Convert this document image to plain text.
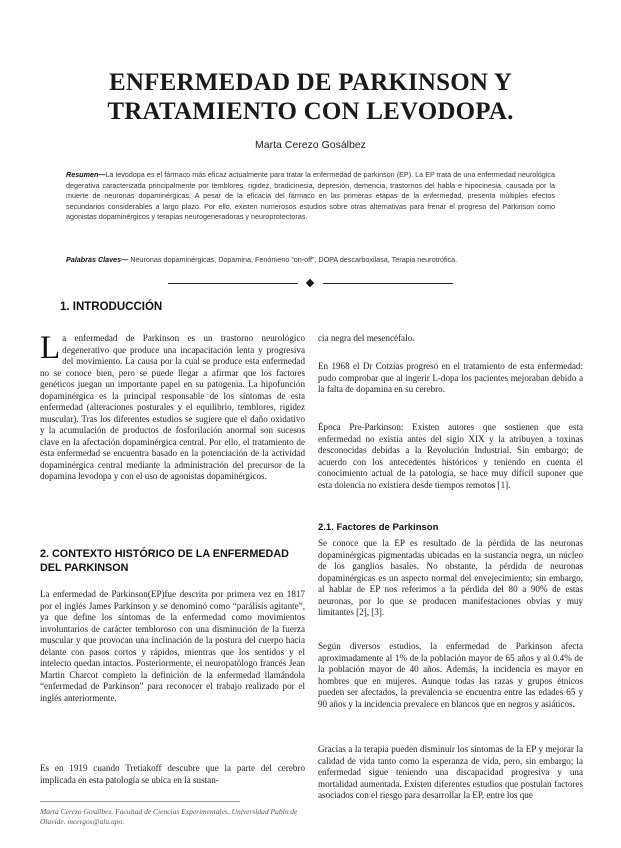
ENFERMEDAD DE PARKINSON Y
TRATAMIENTO CON LEVODOPA.
Marta Cerezo Gosálbez

Resumen—La levodopa es el fármaco más eficaz actualmente para tratar la enfermedad de parkinson (EP). La EP trata de una enfermedad neurológica degerativa caracterizada principalmente por temblores, rigidez, bradicinesia, depresión, demencia, trastornos del habla e hipocinesia, causada por la muerte de neuronas dopaminérgicas. A pesar de la eficacia del fármaco en las primeras etapas de la enfermedad, presenta múltiples efectos secundarios considerables a largo plazo. Por ello, existen numerosos estudios sobre otras alternativas para frenar el progreso del Parkinson como agonistas dopaminérgicos y terapias neurogeneradoras y neuroprotectoras.

Palabras Claves— Neuronas dopaminérgicas, Dopamina, Fenómeno “on-off”, DOPA descarboxilasa, Terapia neurotrófica.

1. INTRODUCCIÓN

La enfermedad de Parkinson es un trastorno neurológico degenerativo que produce una incapacitación lenta y progresiva del movimiento. La causa por la cual se produce esta enfermedad no se conoce bien, pero se puede llegar a afirmar que los factores genéticos juegan un importante papel en su patogenia. La hipofunción dopaminérgica es la principal responsable de los síntomas de esta enfermedad (alteraciones posturales y el equilibrio, temblores, rigidez muscular). Tras los diferentes estudios se sugiere que el daño oxidativo y la acumulación de productos de fosforilación anormal son sucesos clave en la afectación dopaminérgica central. Por ello, el tratamiento de esta enfermedad se encuentra basado en la potenciación de la actividad dopaminérgica central mediante la administración del precursor de la dopamina levodopa y con el uso de agonistas dopaminérgicos.

2. CONTEXTO HISTÓRICO DE LA ENFERMEDAD DEL PARKINSON

La enfermedad de Parkinson(EP)fue descrita por primera vez en 1817 por el inglés James Parkinson y se denominó como “parálisis agitante”, ya que define los síntomas de la enfermedad como movimientos involuntarios de carácter tembloroso con una disminución de la fuerza muscular y que provocan una inclinación de la postura del cuerpo hacia delante con pasos cortos y rápidos, mientras que los sentidos y el intelecto quedan intactos. Posteriormente, el neuropatólogo francés Jean Martin Charcot completo la definición de la enfermedad llamándola “enfermedad de Parkinson” para reconocer el trabajo realizado por el inglés anteriormente.

Es en 1919 cuando Tretiakoff descubre que la parte del cerebro implicada en esta patología se ubica en la sustan-

Marta Cerezo Gosálbez. Facultad de Ciencias Experimentales, Universidad Pablo de Olavide. mcergos@alu.upo.

cia negra del mesencéfalo.

En 1968 el Dr Cotzias progresó en el tratamiento de esta enfermedad: pudo comprobar que al ingerir L-dopa los pacientes mejoraban debido a la falta de dopamina en su cerebro.

Época Pre-Parkinson: Existen autores que sostienen que esta enfermedad no existía antes del siglo XIX y la atribuyen a toxinas desconocidas debidas a la Revolución Industrial. Sin embargo; de acuerdo con los antecedentes históricos y teniendo en cuenta el conocimiento actual de la patología, se hace muy difícil suponer que esta dolencia no existiera desde tiempos remotos [1].

2.1. Factores de Parkinson

Se conoce que la EP es resultado de la pérdida de las neuronas dopaminérgicas pigmentadas ubicadas en la sustancia negra, un núcleo de los ganglios basales. No obstante, la pérdida de neuronas dopaminérgicas es un aspecto normal del envejecimiento; sin embargo, al hablar de EP nos referimos a la pérdida del 80 a 90% de estas neuronas, por lo que se producen manifestaciones obvias y muy limitantes [2], [3].

Según diversos estudios, la enfermedad de Parkinson afecta aproximadamente al 1% de la población mayor de 65 años y al 0.4% de la población mayor de 40 años. Además, la incidencia es mayor en hombres que en mujeres. Aunque todas las razas y grupos étnicos pueden ser afectados, la prevalencia se encuentra entre las edades 65 y 90 años y la incidencia prevalece en blancos que en negros y asiáticos.

Gracias a la terapia pueden disminuir los síntomas de la EP y mejorar la calidad de vida tanto como la esperanza de vida, pero, sin embargo; la enfermedad sigue teniendo una discapacidad progresiva y una mortalidad aumentada. Existen diferentes estudios que postulan factores asociados con el riesgo para desarrollar la EP, entre los que
